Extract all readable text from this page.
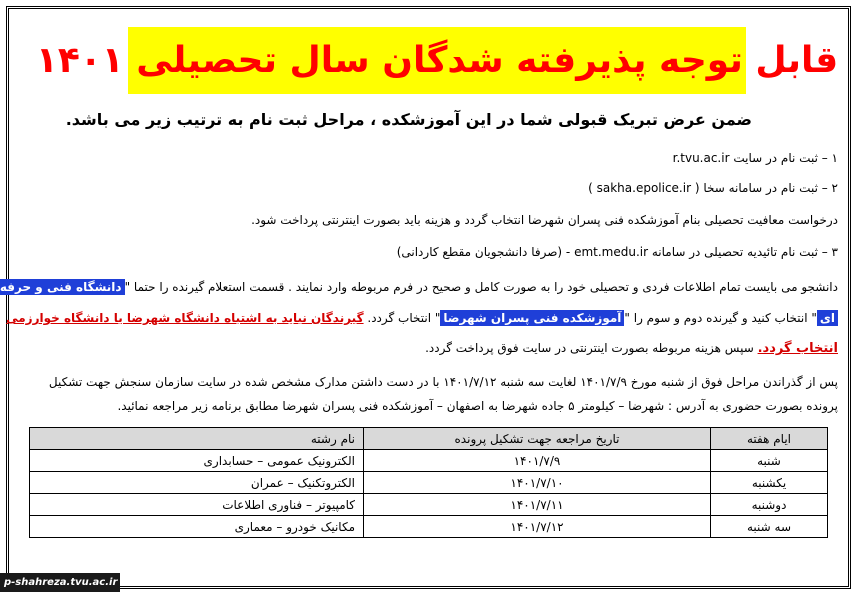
قابل توجه پذیرفته شدگان سال تحصیلی ۱۴۰۱
ضمن عرض تبریک قبولی شما در این آموزشکده ، مراحل ثبت نام به ترتیب زیر می باشد.
۱ – ثبت نام در سایت r.tvu.ac.ir
۲ – ثبت نام در سامانه سخا ( sakha.epolice.ir )
درخواست معافیت تحصیلی بنام آموزشکده فنی پسران شهرضا انتخاب گردد و هزینه باید بصورت اینترنتی پرداخت شود.
۳ – ثبت نام تائیدیه تحصیلی در سامانه emt.medu.ir - (صرفا دانشجویان مقطع کاردانی)
دانشجو می بایست تمام اطلاعات فردی و تحصیلی خود را به صورت کامل و صحیح در فرم مربوطه وارد نمایند . قسمت استعلام گیرنده را حتما "دانشگاه فنی و حرفه
ای" انتخاب کنید و گیرنده دوم و سوم را "آموزشکده فنی پسران شهرضا" انتخاب گردد. گیرندگان نباید به اشتباه دانشگاه شهرضا یا دانشگاه خوارزمی
انتخاب گردد. سپس هزینه مربوطه بصورت اینترنتی در سایت فوق پرداخت گردد.
پس از گذراندن مراحل فوق از شنبه مورخ ۱۴۰۱/۷/۹ لغایت سه شنبه ۱۴۰۱/۷/۱۲ با در دست داشتن مدارک مشخص شده در سایت سازمان سنجش جهت تشکیل
پرونده بصورت حضوری به آدرس : شهرضا – کیلومتر ۵ جاده شهرضا به اصفهان – آموزشکده فنی پسران شهرضا مطابق برنامه زیر مراجعه نمائید.
ایام هفته	تاریخ مراجعه جهت تشکیل پرونده	نام رشته
شنبه	۱۴۰۱/۷/۹	الکترونیک عمومی – حسابداری
یکشنبه	۱۴۰۱/۷/۱۰	الکتروتکنیک – عمران
دوشنبه	۱۴۰۱/۷/۱۱	کامپیوتر – فناوری اطلاعات
سه شنبه	۱۴۰۱/۷/۱۲	مکانیک خودرو – معماری
p-shahreza.tvu.ac.ir
